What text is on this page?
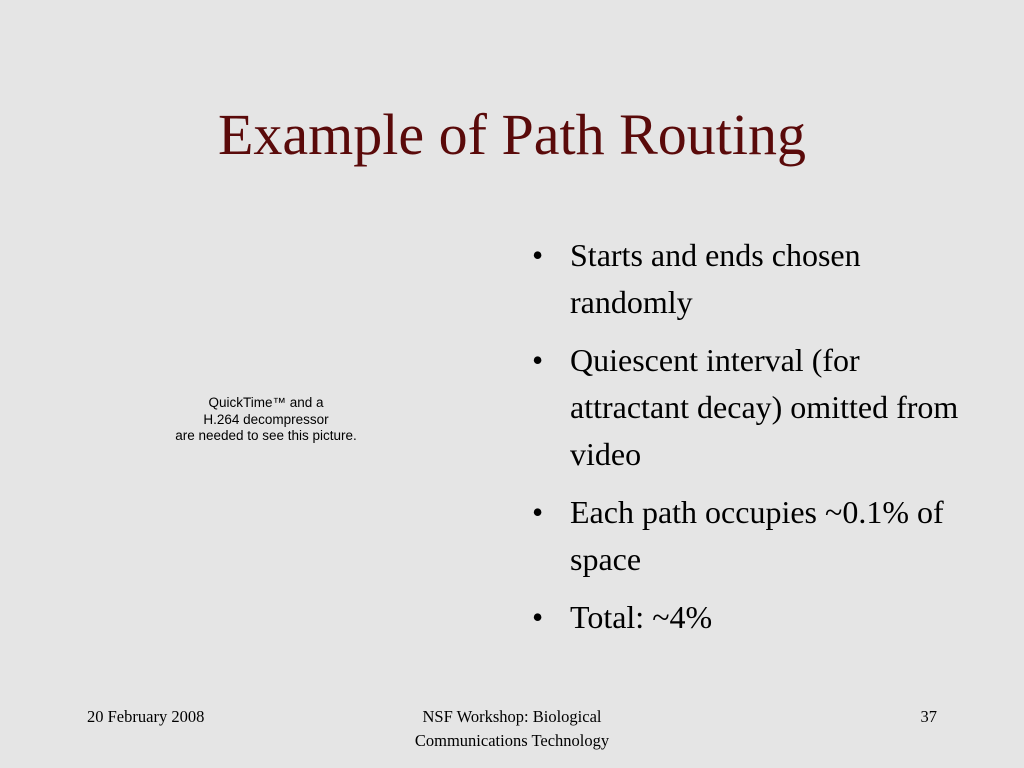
Example of Path Routing
QuickTime™ and a
H.264 decompressor
are needed to see this picture.
• Starts and ends chosen randomly
• Quiescent interval (for attractant decay) omitted from video
• Each path occupies ~0.1% of space
• Total: ~4%
20 February 2008	NSF Workshop: Biological
Communications Technology
37
